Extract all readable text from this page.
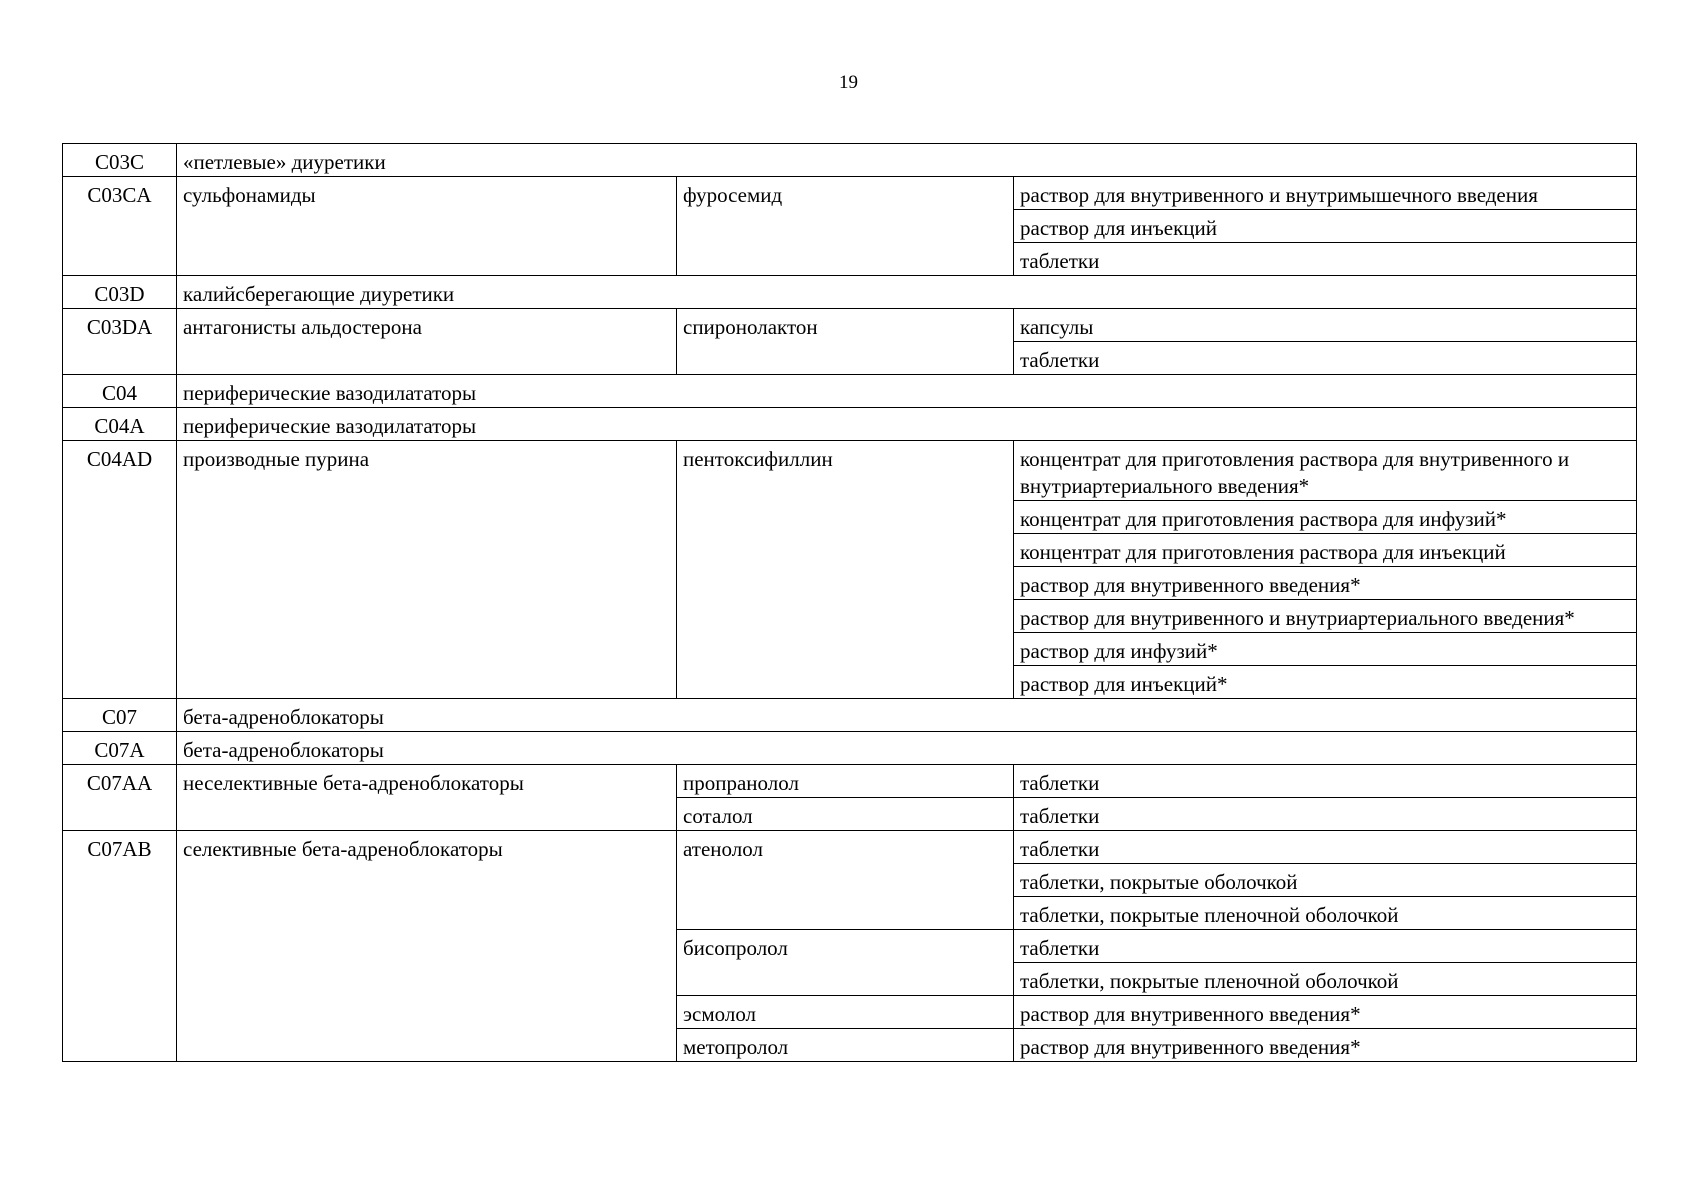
19
C03C	«петлевые» диуретики		
C03CA	сульфонамиды	фуросемид	раствор для внутривенного и внутримышечного введения
			раствор для инъекций
			таблетки
C03D	калийсберегающие диуретики		
C03DA	антагонисты альдостерона	спиронолактон	капсулы
			таблетки
C04	периферические вазодилататоры		
C04A	периферические вазодилататоры		
C04AD	производные пурина	пентоксифиллин	концентрат для приготовления раствора для внутривенного и внутриартериального введения*
			концентрат для приготовления раствора для инфузий*
			концентрат для приготовления раствора для инъекций
			раствор для внутривенного введения*
			раствор для внутривенного и внутриартериального введения*
			раствор для инфузий*
			раствор для инъекций*
C07	бета-адреноблокаторы		
C07A	бета-адреноблокаторы		
C07AA	неселективные бета-адреноблокаторы	пропранолол	таблетки
		соталол	таблетки
C07AB	селективные бета-адреноблокаторы	атенолол	таблетки
			таблетки, покрытые оболочкой
			таблетки, покрытые пленочной оболочкой
		бисопролол	таблетки
			таблетки, покрытые пленочной оболочкой
		эсмолол	раствор для внутривенного введения*
		метопролол	раствор для внутривенного введения*
